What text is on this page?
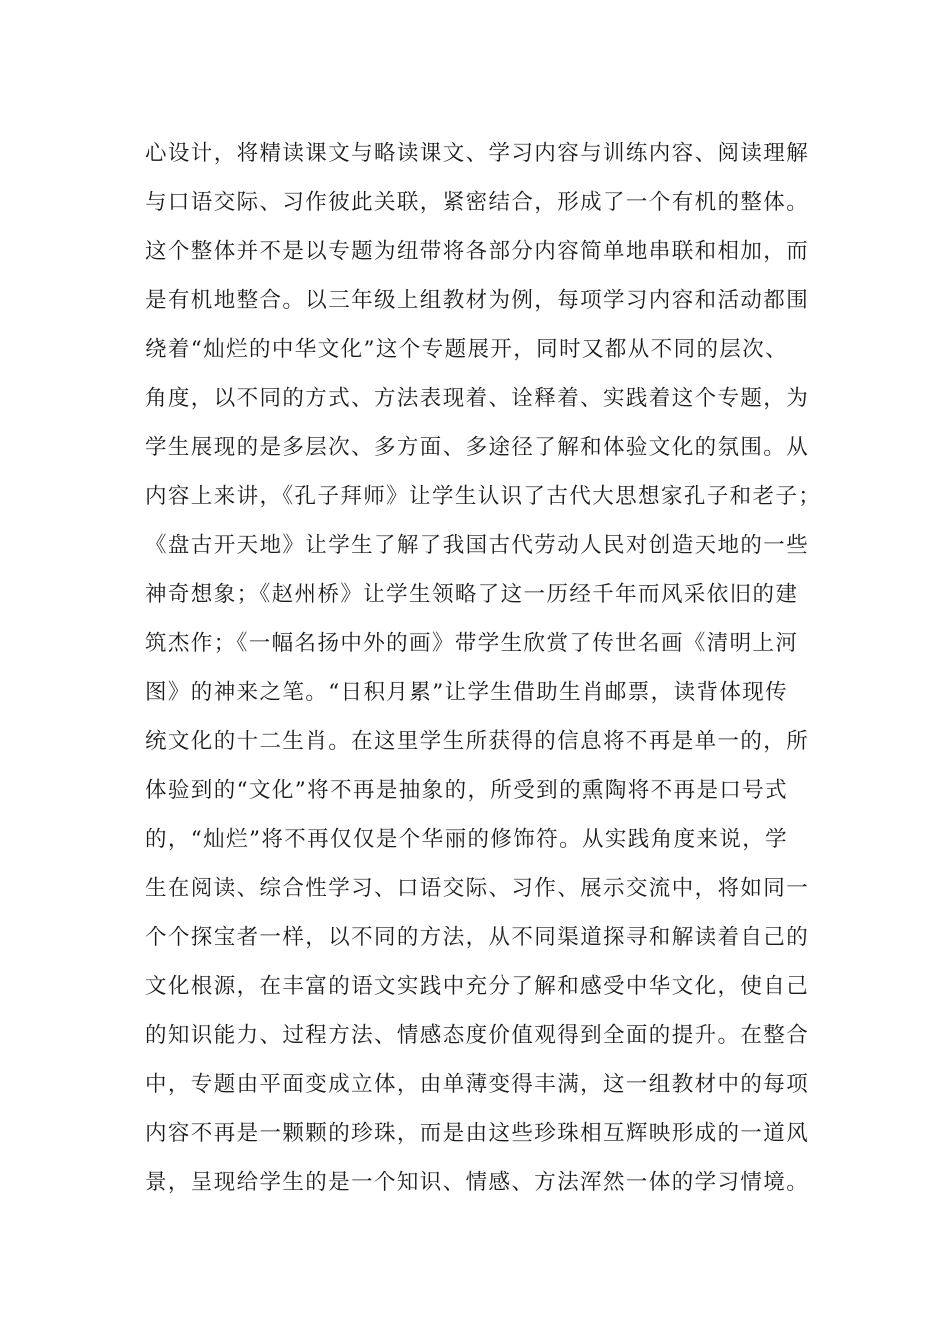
心设计，将精读课文与略读课文、学习内容与训练内容、阅读理解
与口语交际、习作彼此关联，紧密结合，形成了一个有机的整体。
这个整体并不是以专题为纽带将各部分内容简单地串联和相加，而
是有机地整合。以三年级上组教材为例，每项学习内容和活动都围
绕着“灿烂的中华文化”这个专题展开，同时又都从不同的层次、
角度，以不同的方式、方法表现着、诠释着、实践着这个专题，为
学生展现的是多层次、多方面、多途径了解和体验文化的氛围。从
内容上来讲，《孔子拜师》让学生认识了古代大思想家孔子和老子；
《盘古开天地》让学生了解了我国古代劳动人民对创造天地的一些
神奇想象；《赵州桥》让学生领略了这一历经千年而风采依旧的建
筑杰作；《一幅名扬中外的画》带学生欣赏了传世名画《清明上河
图》的神来之笔。“日积月累”让学生借助生肖邮票，读背体现传
统文化的十二生肖。在这里学生所获得的信息将不再是单一的，所
体验到的“文化”将不再是抽象的，所受到的熏陶将不再是口号式
的，“灿烂”将不再仅仅是个华丽的修饰符。从实践角度来说，学
生在阅读、综合性学习、口语交际、习作、展示交流中，将如同一
个个探宝者一样，以不同的方法，从不同渠道探寻和解读着自己的
文化根源，在丰富的语文实践中充分了解和感受中华文化，使自己
的知识能力、过程方法、情感态度价值观得到全面的提升。在整合
中，专题由平面变成立体，由单薄变得丰满，这一组教材中的每项
内容不再是一颗颗的珍珠，而是由这些珍珠相互辉映形成的一道风
景，呈现给学生的是一个知识、情感、方法浑然一体的学习情境。
